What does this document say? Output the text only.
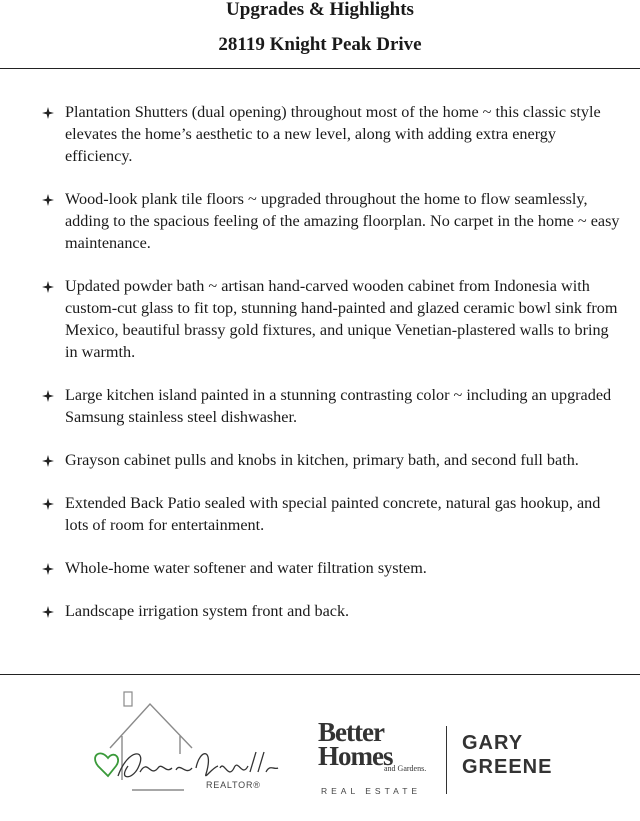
Upgrades & Highlights
28119 Knight Peak Drive
Plantation Shutters (dual opening) throughout most of the home ~ this classic style elevates the home’s aesthetic to a new level, along with adding extra energy efficiency.
Wood-look plank tile floors ~ upgraded throughout the home to flow seamlessly, adding to the spacious feeling of the amazing floorplan. No carpet in the home ~ easy maintenance.
Updated powder bath ~ artisan hand-carved wooden cabinet from Indonesia with custom-cut glass to fit top, stunning hand-painted and glazed ceramic bowl sink from Mexico, beautiful brassy gold fixtures, and unique Venetian-plastered walls to bring in warmth.
Large kitchen island painted in a stunning contrasting color ~ including an upgraded Samsung stainless steel dishwasher.
Grayson cabinet pulls and knobs in kitchen, primary bath, and second full bath.
Extended Back Patio sealed with special painted concrete, natural gas hookup, and lots of room for entertainment.
Whole-home water softener and water filtration system.
Landscape irrigation system front and back.
REALTOR®
Better
Homes
and Gardens.
REAL ESTATE
GARY
GREENE
